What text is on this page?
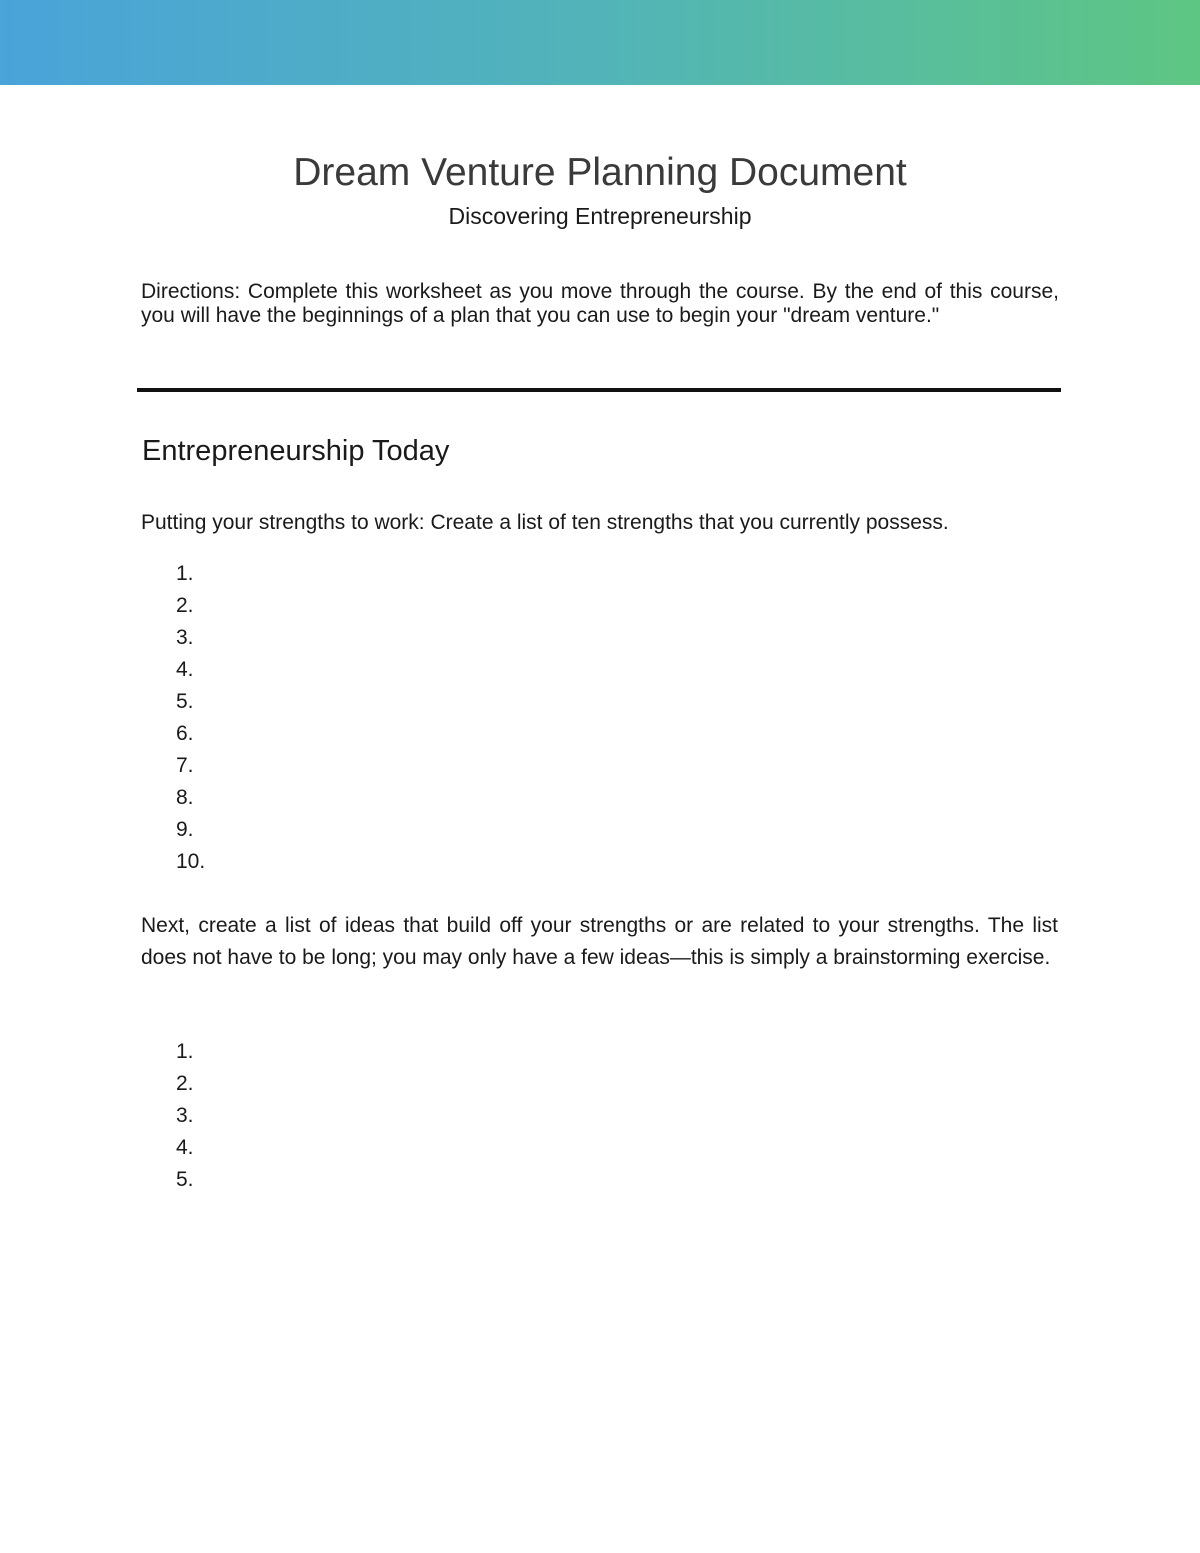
Dream Venture Planning Document
Discovering Entrepreneurship
Directions: Complete this worksheet as you move through the course. By the end of this course, you will have the beginnings of a plan that you can use to begin your "dream venture."
Entrepreneurship Today
Putting your strengths to work: Create a list of ten strengths that you currently possess.
1.
2.
3.
4.
5.
6.
7.
8.
9.
10.
Next, create a list of ideas that build off your strengths or are related to your strengths. The list does not have to be long; you may only have a few ideas—this is simply a brainstorming exercise.
1.
2.
3.
4.
5.
